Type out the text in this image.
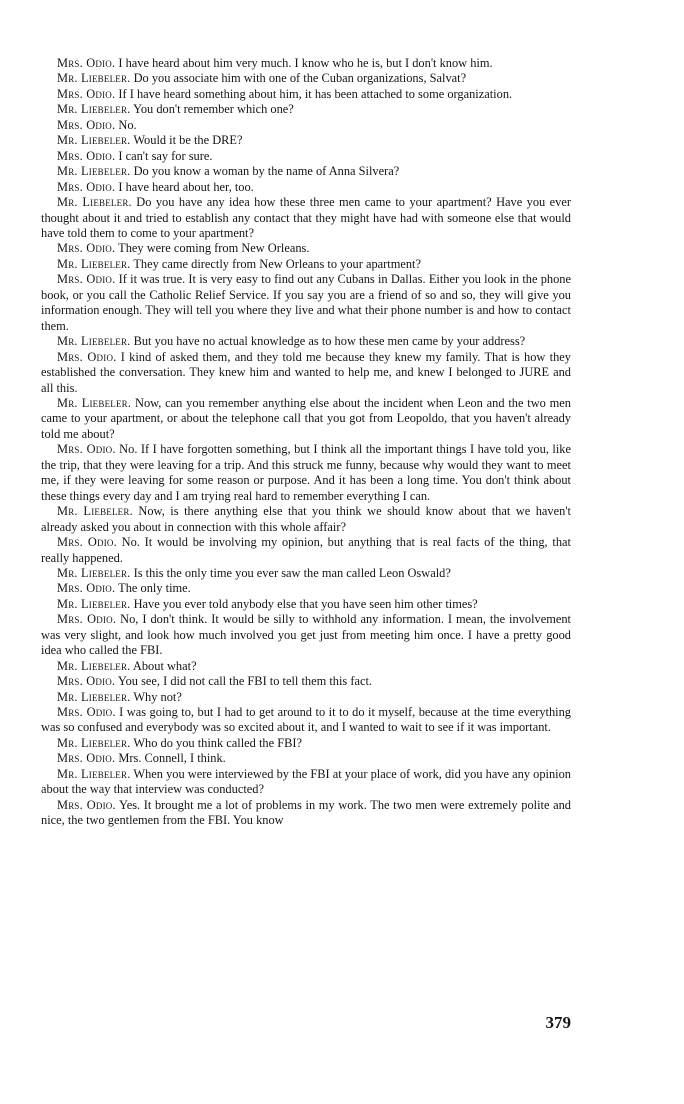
Mrs. Odio. I have heard about him very much. I know who he is, but I don't know him.

Mr. Liebeler. Do you associate him with one of the Cuban organizations, Salvat?

Mrs. Odio. If I have heard something about him, it has been attached to some organization.

Mr. Liebeler. You don't remember which one?

Mrs. Odio. No.

Mr. Liebeler. Would it be the DRE?

Mrs. Odio. I can't say for sure.

Mr. Liebeler. Do you know a woman by the name of Anna Silvera?

Mrs. Odio. I have heard about her, too.

Mr. Liebeler. Do you have any idea how these three men came to your apartment? Have you ever thought about it and tried to establish any contact that they might have had with someone else that would have told them to come to your apartment?

Mrs. Odio. They were coming from New Orleans.

Mr. Liebeler. They came directly from New Orleans to your apartment?

Mrs. Odio. If it was true. It is very easy to find out any Cubans in Dallas. Either you look in the phone book, or you call the Catholic Relief Service. If you say you are a friend of so and so, they will give you information enough. They will tell you where they live and what their phone number is and how to contact them.

Mr. Liebeler. But you have no actual knowledge as to how these men came by your address?

Mrs. Odio. I kind of asked them, and they told me because they knew my family. That is how they established the conversation. They knew him and wanted to help me, and knew I belonged to JURE and all this.

Mr. Liebeler. Now, can you remember anything else about the incident when Leon and the two men came to your apartment, or about the telephone call that you got from Leopoldo, that you haven't already told me about?

Mrs. Odio. No. If I have forgotten something, but I think all the important things I have told you, like the trip, that they were leaving for a trip. And this struck me funny, because why would they want to meet me, if they were leaving for some reason or purpose. And it has been a long time. You don't think about these things every day and I am trying real hard to remember everything I can.

Mr. Liebeler. Now, is there anything else that you think we should know about that we haven't already asked you about in connection with this whole affair?

Mrs. Odio. No. It would be involving my opinion, but anything that is real facts of the thing, that really happened.

Mr. Liebeler. Is this the only time you ever saw the man called Leon Oswald?

Mrs. Odio. The only time.

Mr. Liebeler. Have you ever told anybody else that you have seen him other times?

Mrs. Odio. No, I don't think. It would be silly to withhold any information. I mean, the involvement was very slight, and look how much involved you get just from meeting him once. I have a pretty good idea who called the FBI.

Mr. Liebeler. About what?

Mrs. Odio. You see, I did not call the FBI to tell them this fact.

Mr. Liebeler. Why not?

Mrs. Odio. I was going to, but I had to get around to it to do it myself, because at the time everything was so confused and everybody was so excited about it, and I wanted to wait to see if it was important.

Mr. Liebeler. Who do you think called the FBI?

Mrs. Odio. Mrs. Connell, I think.

Mr. Liebeler. When you were interviewed by the FBI at your place of work, did you have any opinion about the way that interview was conducted?

Mrs. Odio. Yes. It brought me a lot of problems in my work. The two men were extremely polite and nice, the two gentlemen from the FBI. You know

379
